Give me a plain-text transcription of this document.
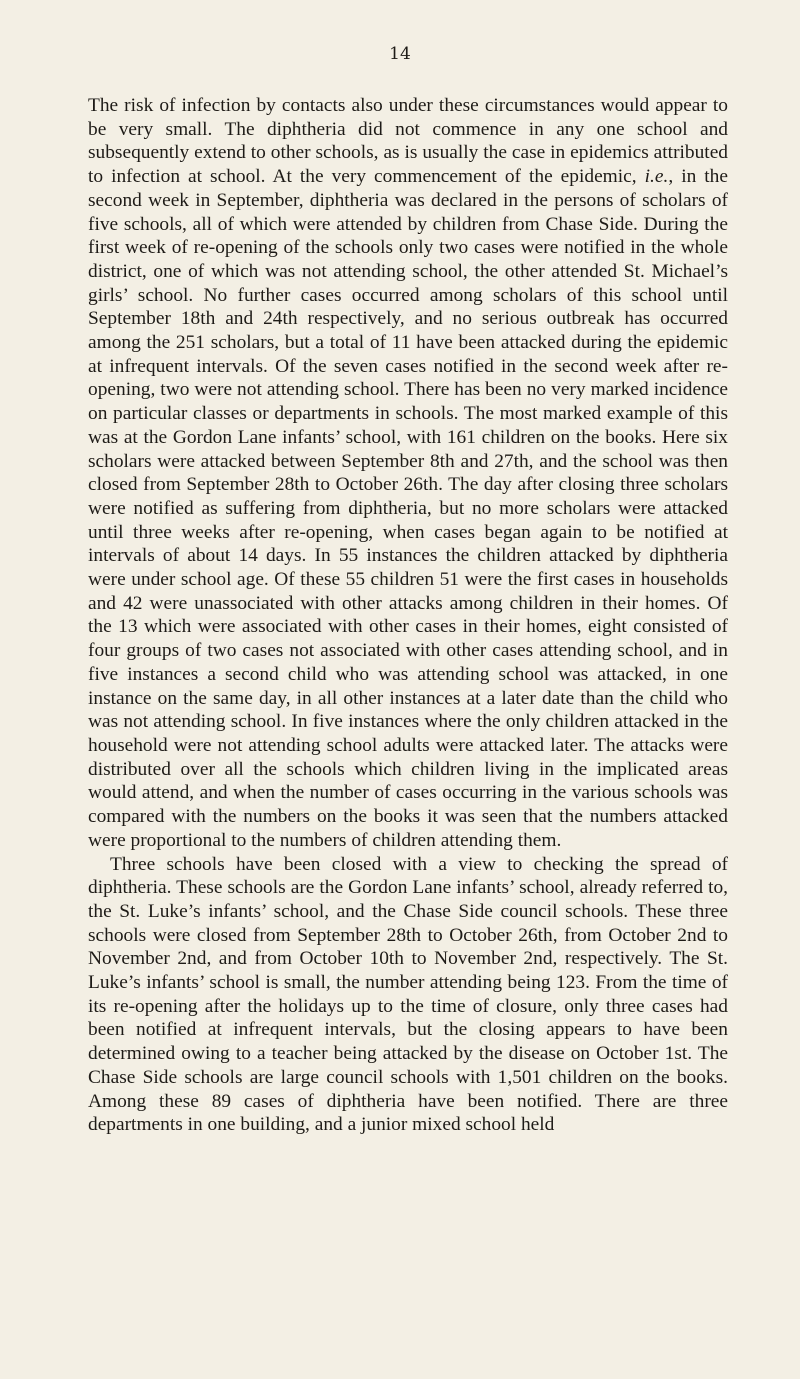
14

The risk of infection by contacts also under these circumstances would appear to be very small. The diphtheria did not commence in any one school and subsequently extend to other schools, as is usually the case in epidemics attributed to infection at school. At the very commencement of the epidemic, i.e., in the second week in September, diphtheria was declared in the persons of scholars of five schools, all of which were attended by children from Chase Side. During the first week of re-opening of the schools only two cases were notified in the whole district, one of which was not attending school, the other attended St. Michael’s girls’ school. No further cases occurred among scholars of this school until September 18th and 24th respectively, and no serious outbreak has occurred among the 251 scholars, but a total of 11 have been attacked during the epidemic at infrequent intervals. Of the seven cases notified in the second week after re-opening, two were not attending school. There has been no very marked incidence on particular classes or departments in schools. The most marked example of this was at the Gordon Lane infants’ school, with 161 children on the books. Here six scholars were attacked between September 8th and 27th, and the school was then closed from September 28th to October 26th. The day after closing three scholars were notified as suffering from diphtheria, but no more scholars were attacked until three weeks after re-opening, when cases began again to be notified at intervals of about 14 days. In 55 instances the children attacked by diphtheria were under school age. Of these 55 children 51 were the first cases in households and 42 were unassociated with other attacks among children in their homes. Of the 13 which were associated with other cases in their homes, eight consisted of four groups of two cases not associated with other cases attending school, and in five instances a second child who was attending school was attacked, in one instance on the same day, in all other instances at a later date than the child who was not attending school. In five instances where the only children attacked in the household were not attending school adults were attacked later. The attacks were distributed over all the schools which children living in the implicated areas would attend, and when the number of cases occurring in the various schools was compared with the numbers on the books it was seen that the numbers attacked were proportional to the numbers of children attending them.

Three schools have been closed with a view to checking the spread of diphtheria. These schools are the Gordon Lane infants’ school, already referred to, the St. Luke’s infants’ school, and the Chase Side council schools. These three schools were closed from September 28th to October 26th, from October 2nd to November 2nd, and from October 10th to November 2nd, respectively. The St. Luke’s infants’ school is small, the number attending being 123. From the time of its re-opening after the holidays up to the time of closure, only three cases had been notified at infrequent intervals, but the closing appears to have been determined owing to a teacher being attacked by the disease on October 1st. The Chase Side schools are large council schools with 1,501 children on the books. Among these 89 cases of diphtheria have been notified. There are three departments in one building, and a junior mixed school held
